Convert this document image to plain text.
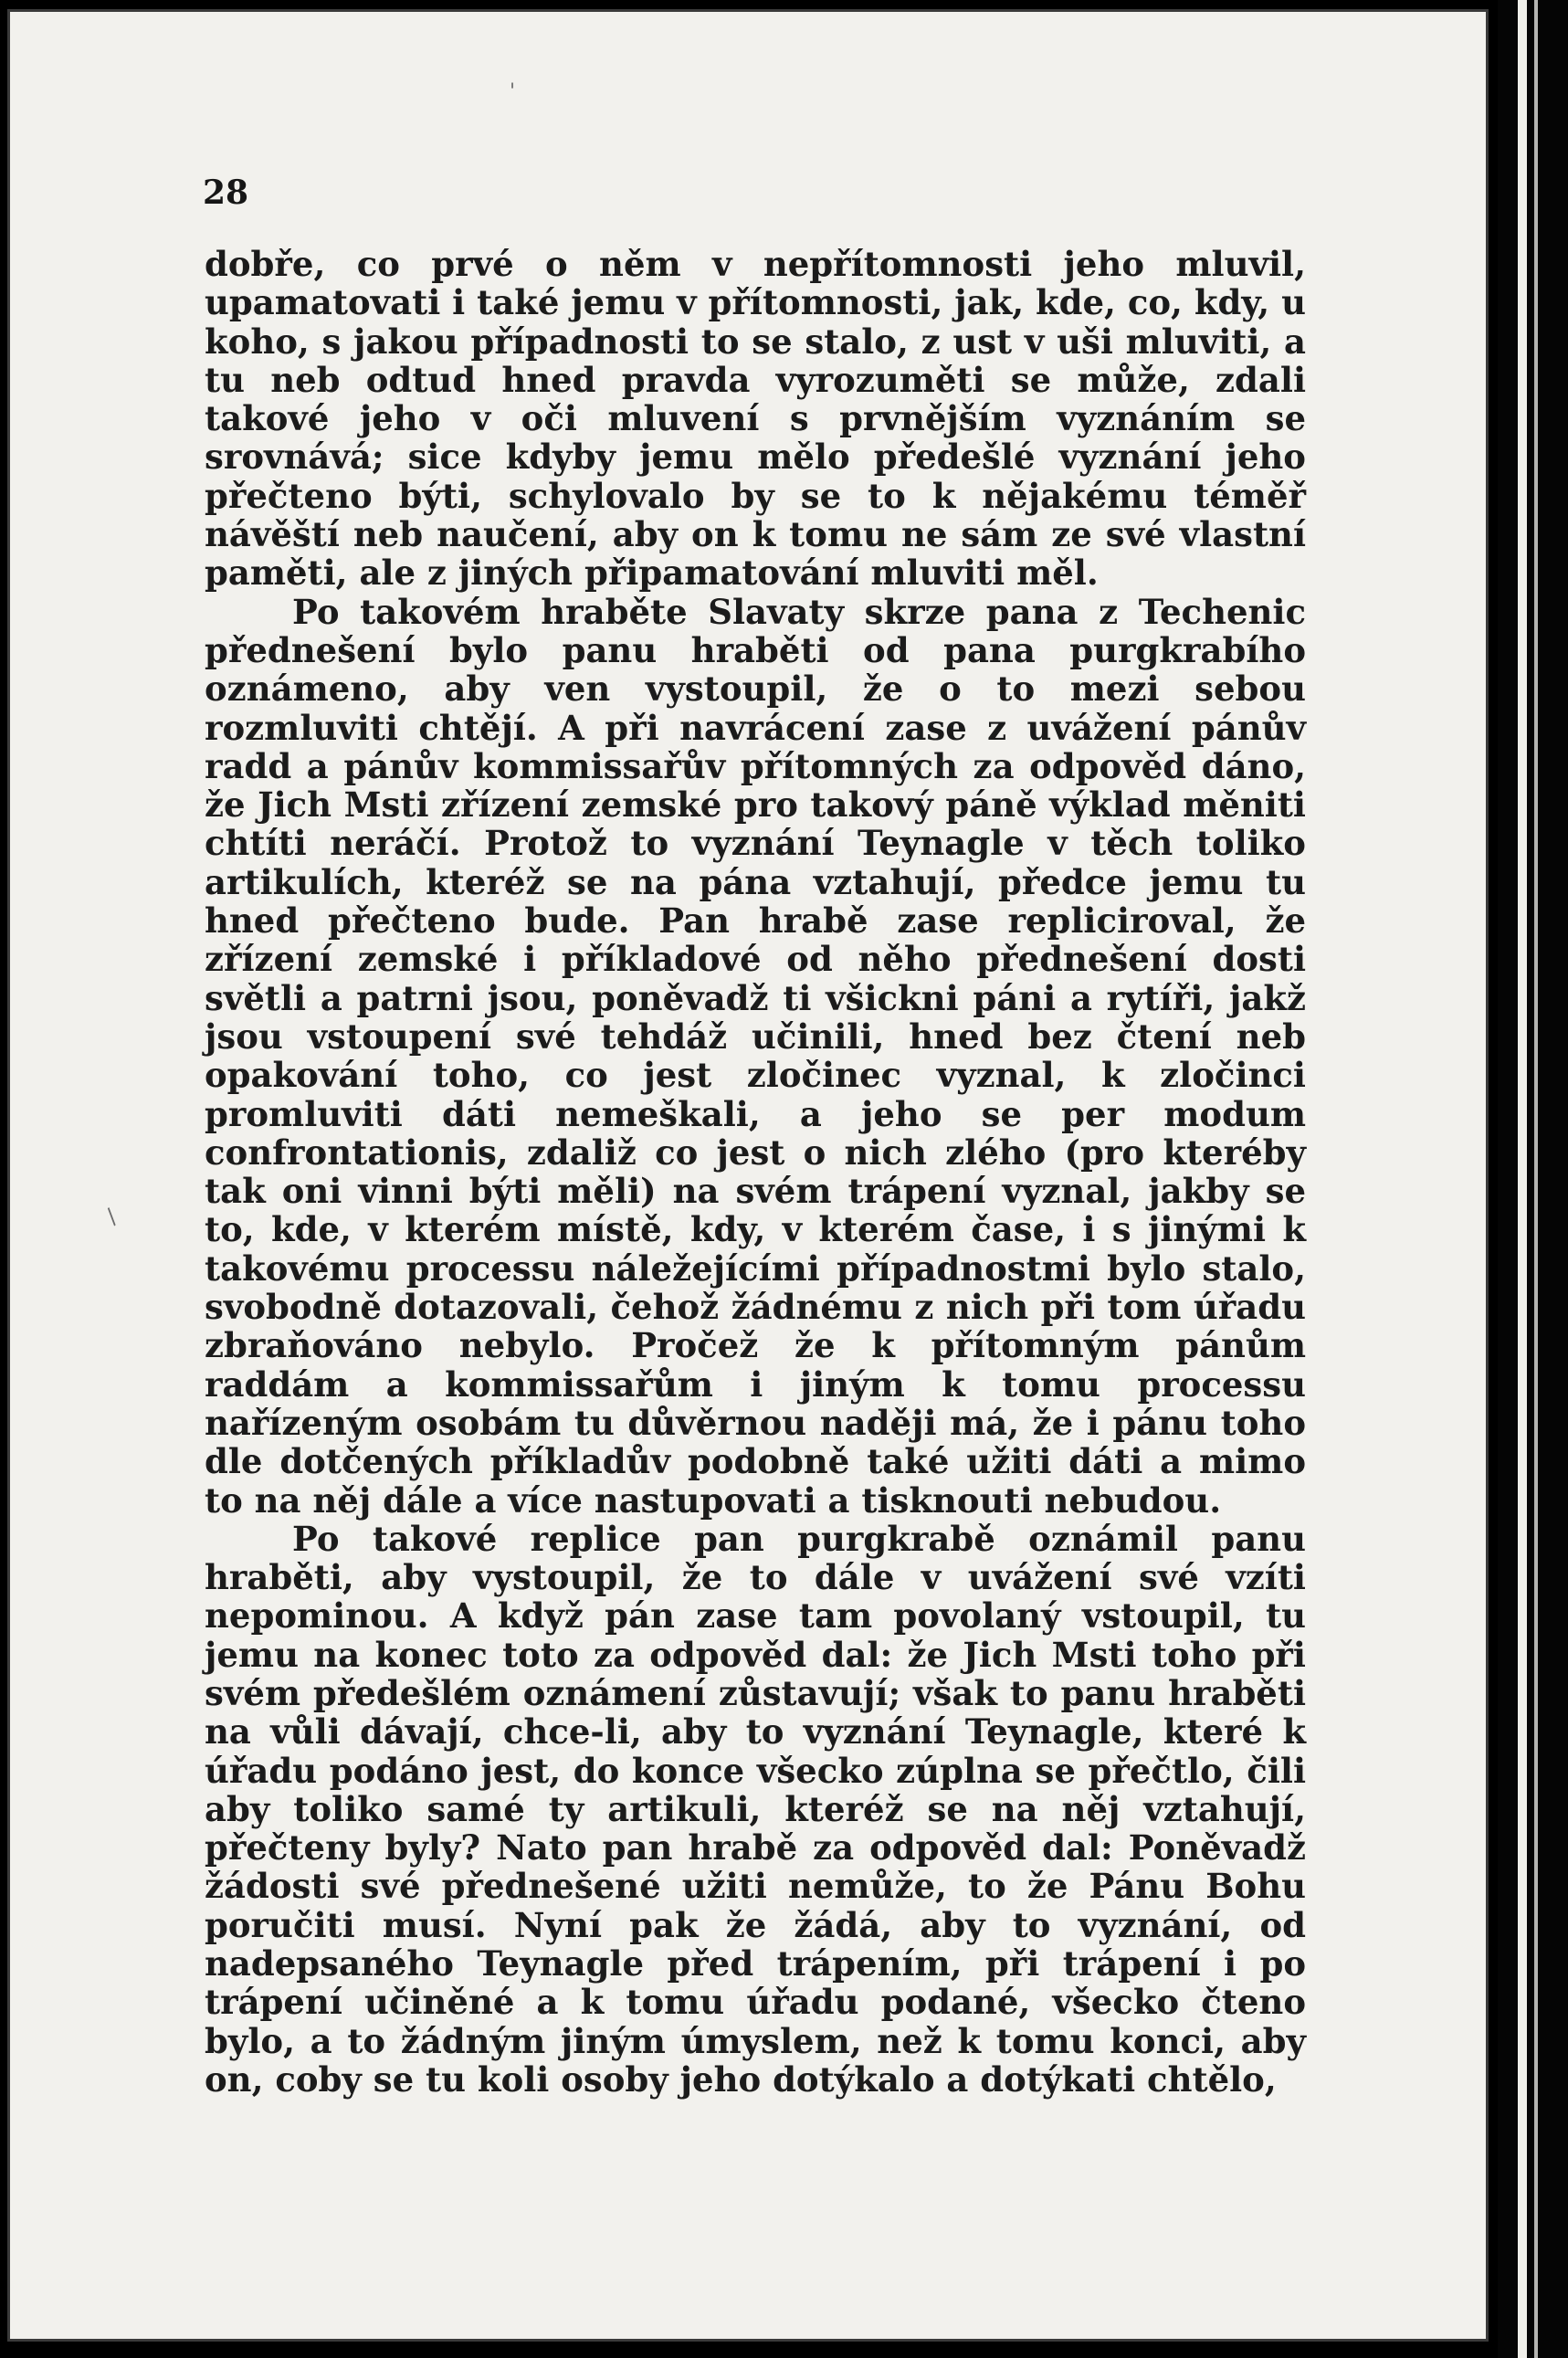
'
/
28

dobře, co prvé o něm v nepřítomnosti jeho mluvil, upamatovati i také jemu v přítomnosti, jak, kde, co, kdy, u koho, s jakou případnosti to se stalo, z ust v uši mluviti, a tu neb odtud hned pravda vyrozuměti se může, zdali takové jeho v oči mluvení s prvnějším vyznáním se srovnává; sice kdyby jemu mělo předešlé vyznání jeho přečteno býti, schylovalo by se to k nějakému téměř návěští neb naučení, aby on k tomu ne sám ze své vlastní paměti, ale z jiných připamatování mluviti měl.

Po takovém hraběte Slavaty skrze pana z Techenic přednešení bylo panu hraběti od pana purgkrabího oznámeno, aby ven vystoupil, že o to mezi sebou rozmluviti chtějí. A při navrácení zase z uvážení pánův radd a pánův kommissařův přítomných za odpověd dáno, že Jich Msti zřízení zemské pro takový páně výklad měniti chtíti neráčí. Protož to vyznání Teynagle v těch toliko artikulích, kteréž se na pána vztahují, předce jemu tu hned přečteno bude. Pan hrabě zase repliciroval, že zřízení zemské i příkladové od něho přednešení dosti světli a patrni jsou, poněvadž ti všickni páni a rytíři, jakž jsou vstoupení své tehdáž učinili, hned bez čtení neb opakování toho, co jest zločinec vyznal, k zločinci promluviti dáti nemeškali, a jeho se per modum confrontationis, zdaliž co jest o nich zlého (pro kteréby tak oni vinni býti měli) na svém trápení vyznal, jakby se to, kde, v kterém místě, kdy, v kterém čase, i s jinými k takovému processu náležejícími případnostmi bylo stalo, svobodně dotazovali, čehož žádnému z nich při tom úřadu zbraňováno nebylo. Pročež že k přítomným pánům raddám a kommissařům i jiným k tomu processu nařízeným osobám tu důvěrnou naději má, že i pánu toho dle dotčených příkladův podobně také užiti dáti a mimo to na něj dále a více nastupovati a tisknouti nebudou.

Po takové replice pan purgkrabě oznámil panu hraběti, aby vystoupil, že to dále v uvážení své vzíti nepominou. A když pán zase tam povolaný vstoupil, tu jemu na konec toto za odpověd dal: že Jich Msti toho při svém předešlém oznámení zůstavují; však to panu hraběti na vůli dávají, chce-li, aby to vyznání Teynagle, které k úřadu podáno jest, do konce všecko zúplna se přečtlo, čili aby toliko samé ty artikuli, kteréž se na něj vztahují, přečteny byly? Nato pan hrabě za odpověd dal: Poněvadž žádosti své přednešené užiti nemůže, to že Pánu Bohu poručiti musí. Nyní pak že žádá, aby to vyznání, od nadepsaného Teynagle před trápením, při trápení i po trápení učiněné a k tomu úřadu podané, všecko čteno bylo, a to žádným jiným úmyslem, než k tomu konci, aby on, coby se tu koli osoby jeho dotýkalo a dotýkati chtělo,
